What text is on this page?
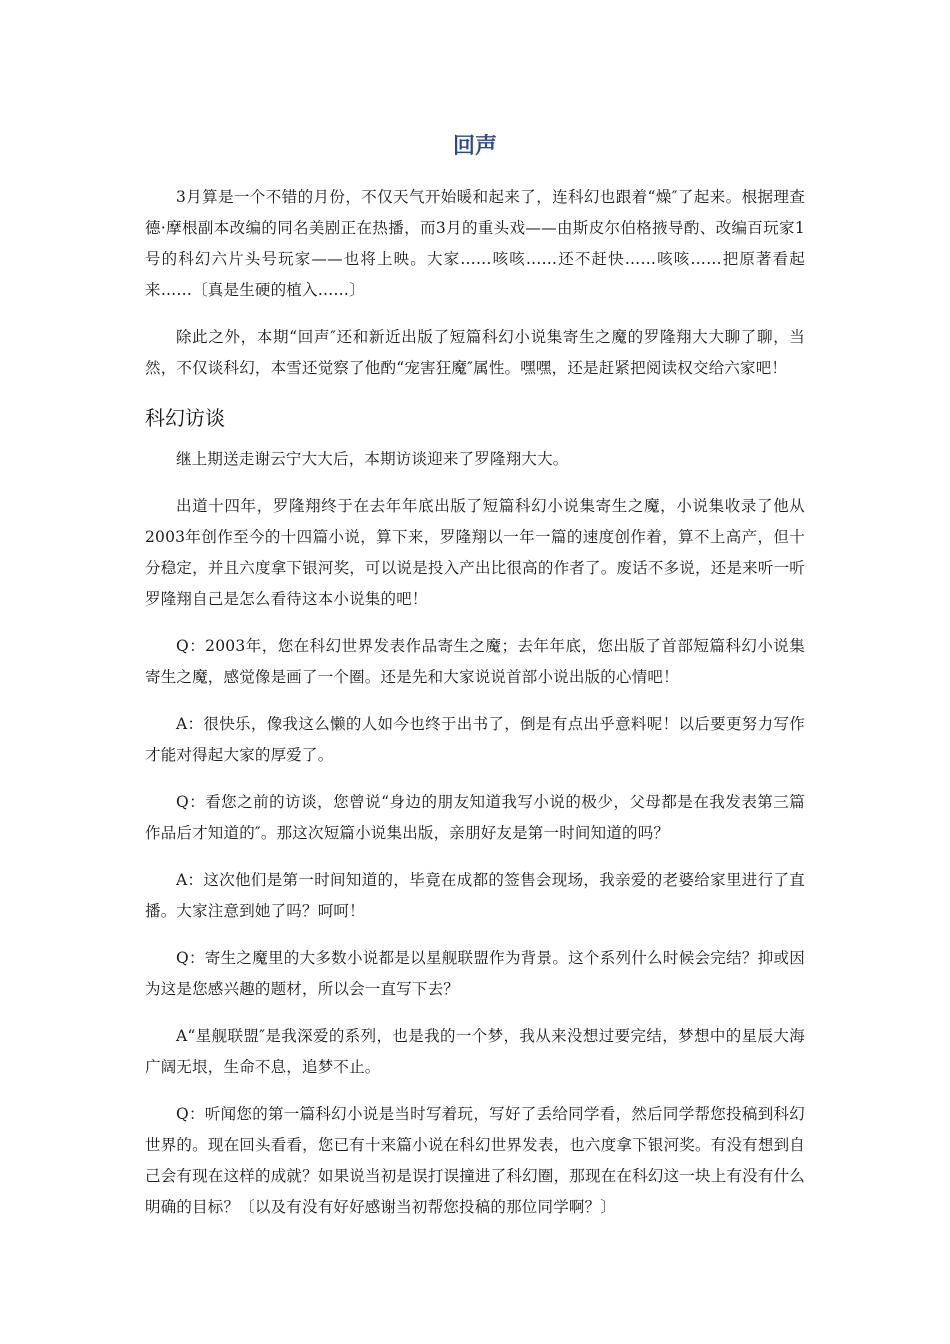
回声

3月算是一个不错的月份，不仅天气开始暖和起来了，连科幻也跟着“燥″了起来。根据理查德·摩根副本改编的同名美剧正在热播，而3月的重头戏——由斯皮尔伯格掖导酌、改编百玩家1号的科幻六片头号玩家——也将上映。大家……咳咳……还不赶快……咳咳……把原著看起来……〔真是生硬的植入……〕

除此之外，本期“回声″还和新近出版了短篇科幻小说集寄生之魔的罗隆翔大大聊了聊，当然，不仅谈科幻，本雪还觉察了他酌“宠害狂魔″属性。嘿嘿，还是赶紧把阅读权交给六家吧！

科幻访谈

继上期送走谢云宁大大后，本期访谈迎来了罗隆翔大大。

出道十四年，罗隆翔终于在去年年底出版了短篇科幻小说集寄生之魔，小说集收录了他从2003年创作至今的十四篇小说，算下来，罗隆翔以一年一篇的速度创作着，算不上高产，但十分稳定，并且六度拿下银河奖，可以说是投入产出比很高的作者了。废话不多说，还是来听一听罗隆翔自己是怎么看待这本小说集的吧！

Q：2003年，您在科幻世界发表作品寄生之魔；去年年底，您出版了首部短篇科幻小说集寄生之魔，感觉像是画了一个圈。还是先和大家说说首部小说出版的心情吧！

A：很快乐，像我这么懒的人如今也终于出书了，倒是有点出乎意料呢！以后要更努力写作才能对得起大家的厚爱了。

Q：看您之前的访谈，您曾说“身边的朋友知道我写小说的极少，父母都是在我发表第三篇作品后才知道的″。那这次短篇小说集出版，亲朋好友是第一时间知道的吗？

A：这次他们是第一时间知道的，毕竟在成都的签售会现场，我亲爱的老婆给家里进行了直播。大家注意到她了吗？呵呵！

Q：寄生之魔里的大多数小说都是以星舰联盟作为背景。这个系列什么时候会完结？抑或因为这是您感兴趣的题材，所以会一直写下去？

A“星舰联盟″是我深爱的系列，也是我的一个梦，我从来没想过要完结，梦想中的星辰大海广阔无垠，生命不息，追梦不止。

Q：听闻您的第一篇科幻小说是当时写着玩，写好了丢给同学看，然后同学帮您投稿到科幻世界的。现在回头看看，您已有十来篇小说在科幻世界发表，也六度拿下银河奖。有没有想到自己会有现在这样的成就？如果说当初是误打误撞进了科幻圈，那现在在科幻这一块上有没有什么明确的目标？〔以及有没有好好感谢当初帮您投稿的那位同学啊？〕
